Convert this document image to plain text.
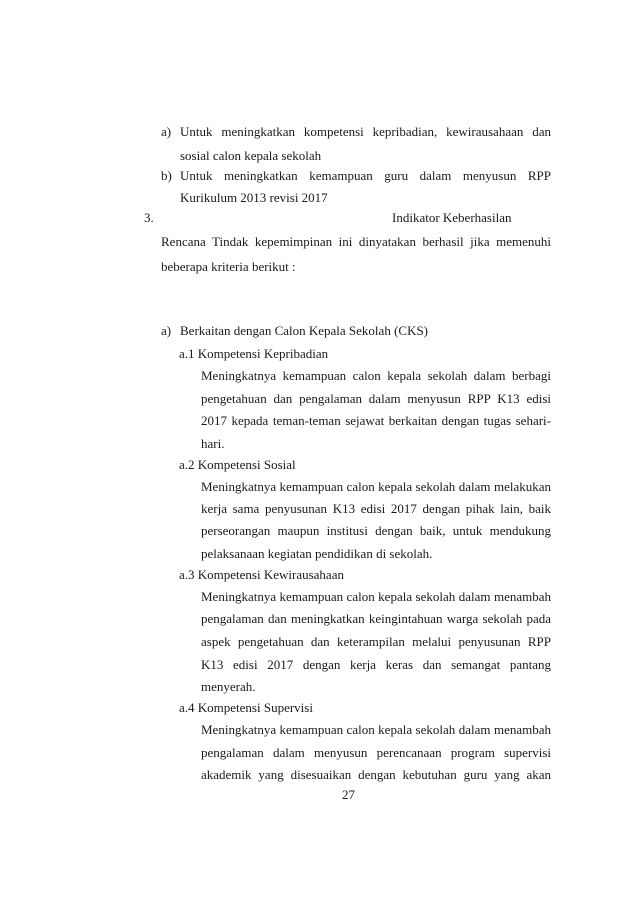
a) Untuk meningkatkan kompetensi kepribadian, kewirausahaan dan
sosial calon kepala sekolah
b) Untuk meningkatkan kemampuan guru dalam menyusun RPP
Kurikulum 2013 revisi 2017
3.	Indikator Keberhasilan
Rencana Tindak kepemimpinan ini dinyatakan berhasil jika memenuhi
beberapa kriteria berikut :
a) Berkaitan dengan Calon Kepala Sekolah (CKS)
a.1 Kompetensi Kepribadian
Meningkatnya kemampuan calon kepala sekolah dalam berbagi
pengetahuan dan pengalaman dalam menyusun RPP K13 edisi
2017 kepada teman-teman sejawat berkaitan dengan tugas sehari-
hari.
a.2 Kompetensi Sosial
Meningkatnya kemampuan calon kepala sekolah dalam melakukan
kerja sama penyusunan K13 edisi 2017 dengan pihak lain, baik
perseorangan maupun institusi dengan baik, untuk mendukung
pelaksanaan kegiatan pendidikan di sekolah.
a.3 Kompetensi Kewirausahaan
Meningkatnya kemampuan calon kepala sekolah dalam menambah
pengalaman dan meningkatkan keingintahuan warga sekolah pada
aspek pengetahuan dan keterampilan melalui penyusunan RPP
K13 edisi 2017 dengan kerja keras dan semangat pantang
menyerah.
a.4 Kompetensi Supervisi
Meningkatnya kemampuan calon kepala sekolah dalam menambah
pengalaman dalam menyusun perencanaan program supervisi
akademik yang disesuaikan dengan kebutuhan guru yang akan
27
